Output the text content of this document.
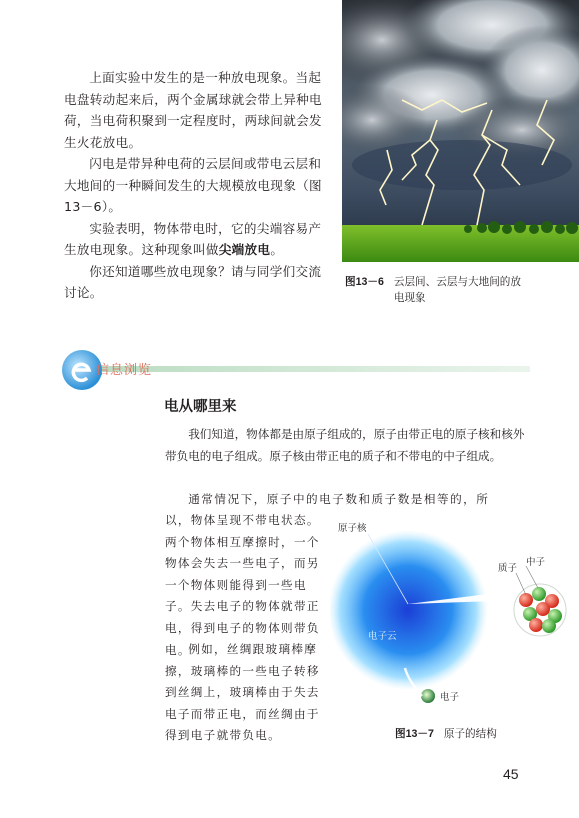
上面实验中发生的是一种放电现象。当起电盘转动起来后，两个金属球就会带上异种电荷，当电荷积聚到一定程度时，两球间就会发生火花放电。

闪电是带异种电荷的云层间或带电云层和大地间的一种瞬间发生的大规模放电现象（图13－6）。

实验表明，物体带电时，它的尖端容易产生放电现象。这种现象叫做尖端放电。

你还知道哪些放电现象？请与同学们交流讨论。

图13－6 云层间、云层与大地间的放电现象
信息浏览
电从哪里来

我们知道，物体都是由原子组成的，原子由带正电的原子核和核外带负电的电子组成。原子核由带正电的质子和不带电的中子组成。

通常情况下，原子中的电子数和质子数是相等的，所

以，物体呈现不带电状态。两个物体相互摩擦时，一个物体会失去一些电子，而另一个物体则能得到一些电子。失去电子的物体就带正电，得到电子的物体则带负电。

例如，丝绸跟玻璃棒摩擦，玻璃棒的一些电子转移到丝绸上，玻璃棒由于失去电子而带正电，而丝绸由于得到电子就带负电。

原子核
中子
质子
电子云
电子
图13－7 原子的结构
45
